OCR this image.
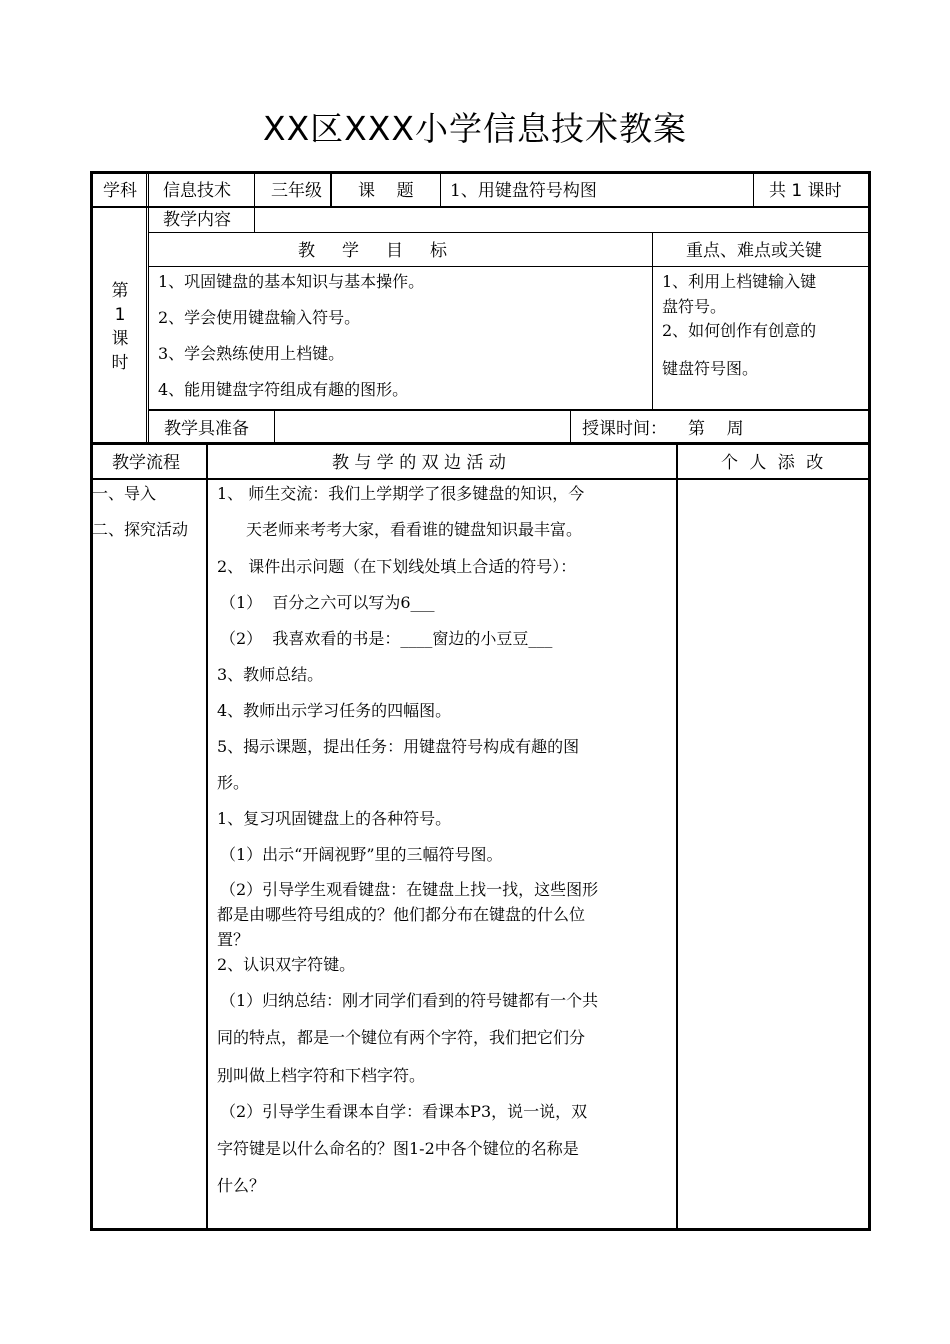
XX区XXX小学信息技术教案
学科 信息技术 三年级 课    题 1、用键盘符号构图	共 1 课时
第
1
课
时
教学内容
教     学     目     标	重点、难点或关键
1、巩固键盘的基本知识与基本操作。
2、学会使用键盘输入符号。
3、学会熟练使用上档键。
4、能用键盘字符组成有趣的图形。
1、利用上档键输入键
盘符号。
2、如何创作有创意的
键盘符号图。
教学具准备	授课时间： 第    周
教学流程	教 与 学 的 双 边 活 动	个 人 添 改
一、导入
二、探究活动
1、 师生交流：我们上学期学了很多键盘的知识，今
天老师来考考大家，看看谁的键盘知识最丰富。
2、 课件出示问题（在下划线处填上合适的符号）：
（1）  百分之六可以写为6___
（2）  我喜欢看的书是：____窗边的小豆豆___
3、教师总结。
4、教师出示学习任务的四幅图。
5、揭示课题，提出任务：用键盘符号构成有趣的图
形。
1、复习巩固键盘上的各种符号。
（1）出示“开阔视野”里的三幅符号图。
（2）引导学生观看键盘：在键盘上找一找，这些图形
都是由哪些符号组成的？他们都分布在键盘的什么位
置？
2、认识双字符键。
（1）归纳总结：刚才同学们看到的符号键都有一个共
同的特点，都是一个键位有两个字符，我们把它们分
别叫做上档字符和下档字符。
（2）引导学生看课本自学：看课本P3，说一说，双
字符键是以什么命名的？图1-2中各个键位的名称是
什么？
